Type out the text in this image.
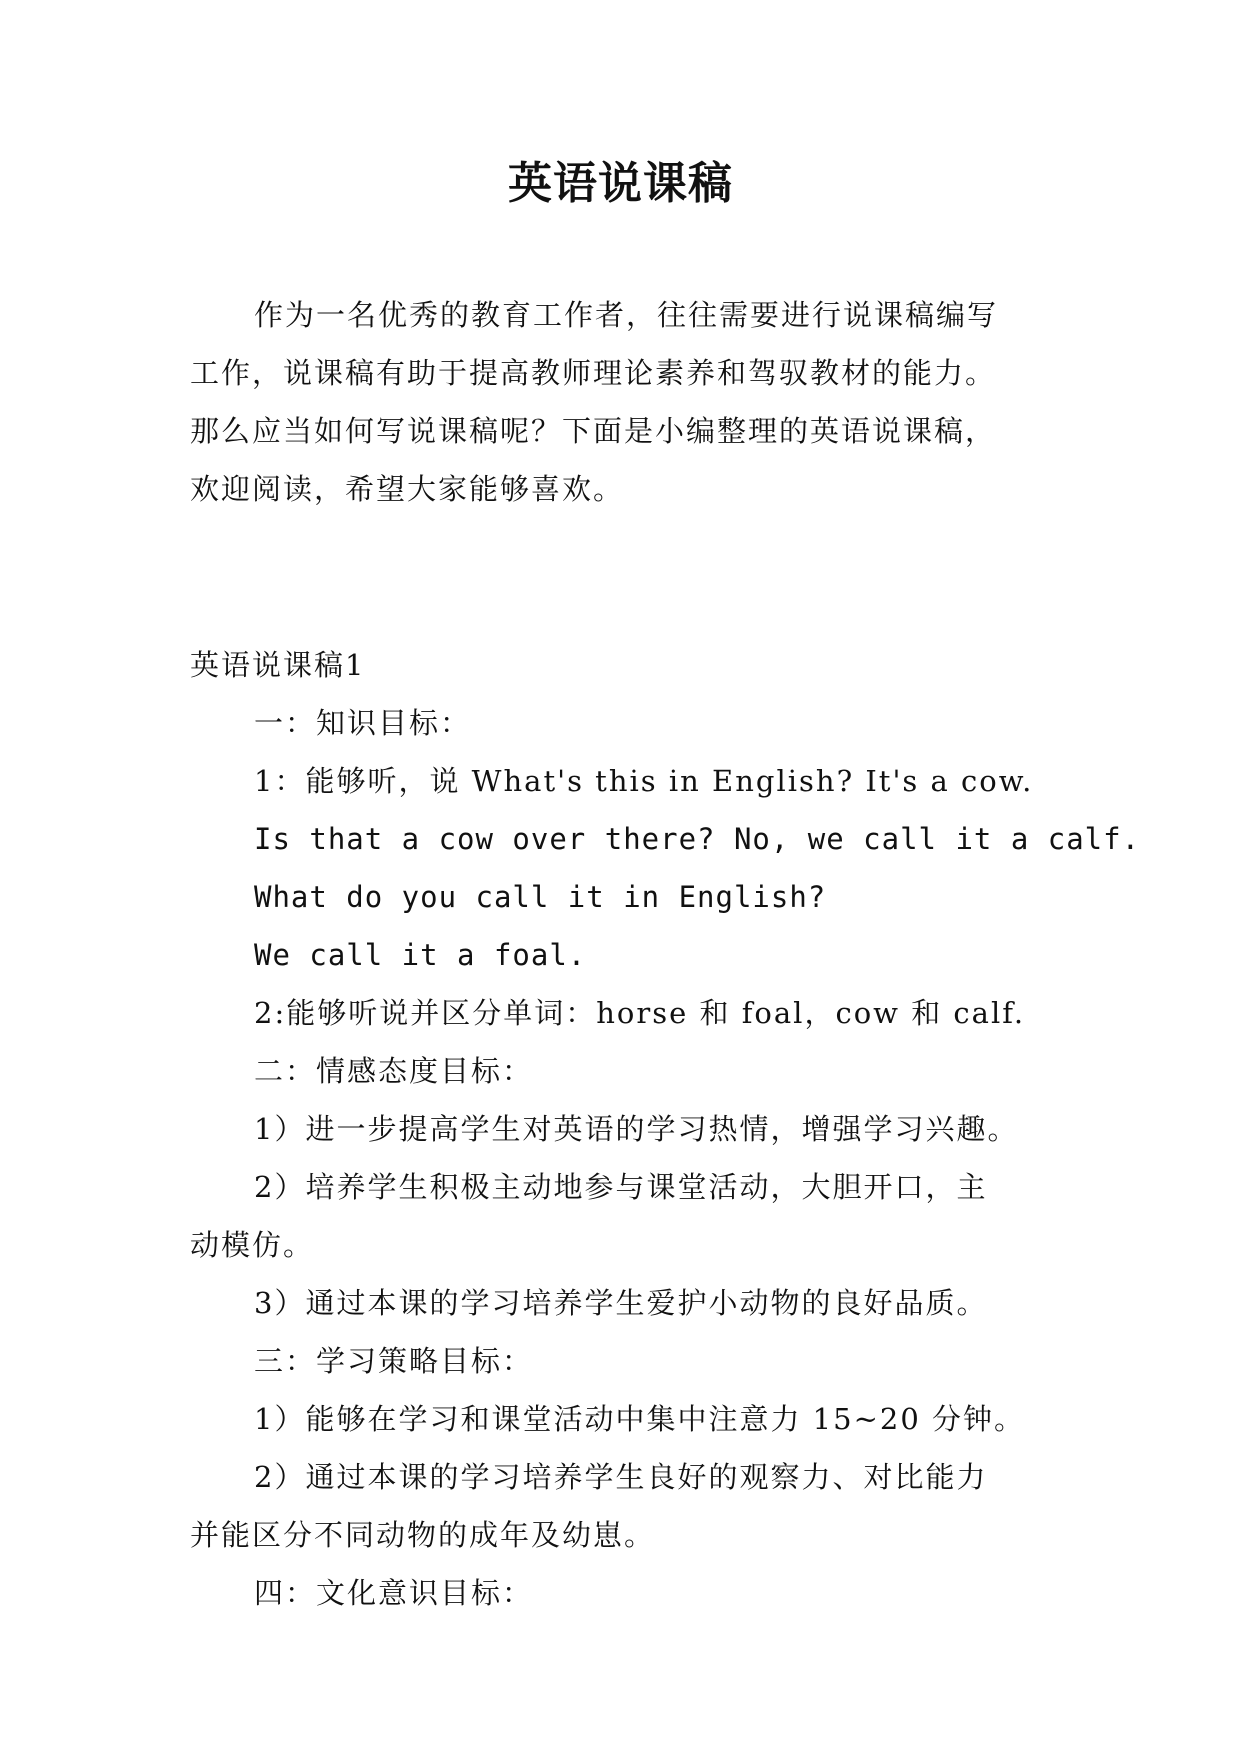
英语说课稿
作为一名优秀的教育工作者，往往需要进行说课稿编写
工作，说课稿有助于提高教师理论素养和驾驭教材的能力。
那么应当如何写说课稿呢？下面是小编整理的英语说课稿，
欢迎阅读，希望大家能够喜欢。
英语说课稿1
一：知识目标：
1：能够听，说 What's this in English? It's a cow.
Is that a cow over there? No, we call it a calf.
What do you call it in English?
We call it a foal.
2:能够听说并区分单词：horse 和 foal，cow 和 calf.
二：情感态度目标：
1）进一步提高学生对英语的学习热情，增强学习兴趣。
2）培养学生积极主动地参与课堂活动，大胆开口，主
动模仿。
3）通过本课的学习培养学生爱护小动物的良好品质。
三：学习策略目标：
1）能够在学习和课堂活动中集中注意力 15~20 分钟。
2）通过本课的学习培养学生良好的观察力、对比能力
并能区分不同动物的成年及幼崽。
四：文化意识目标：
